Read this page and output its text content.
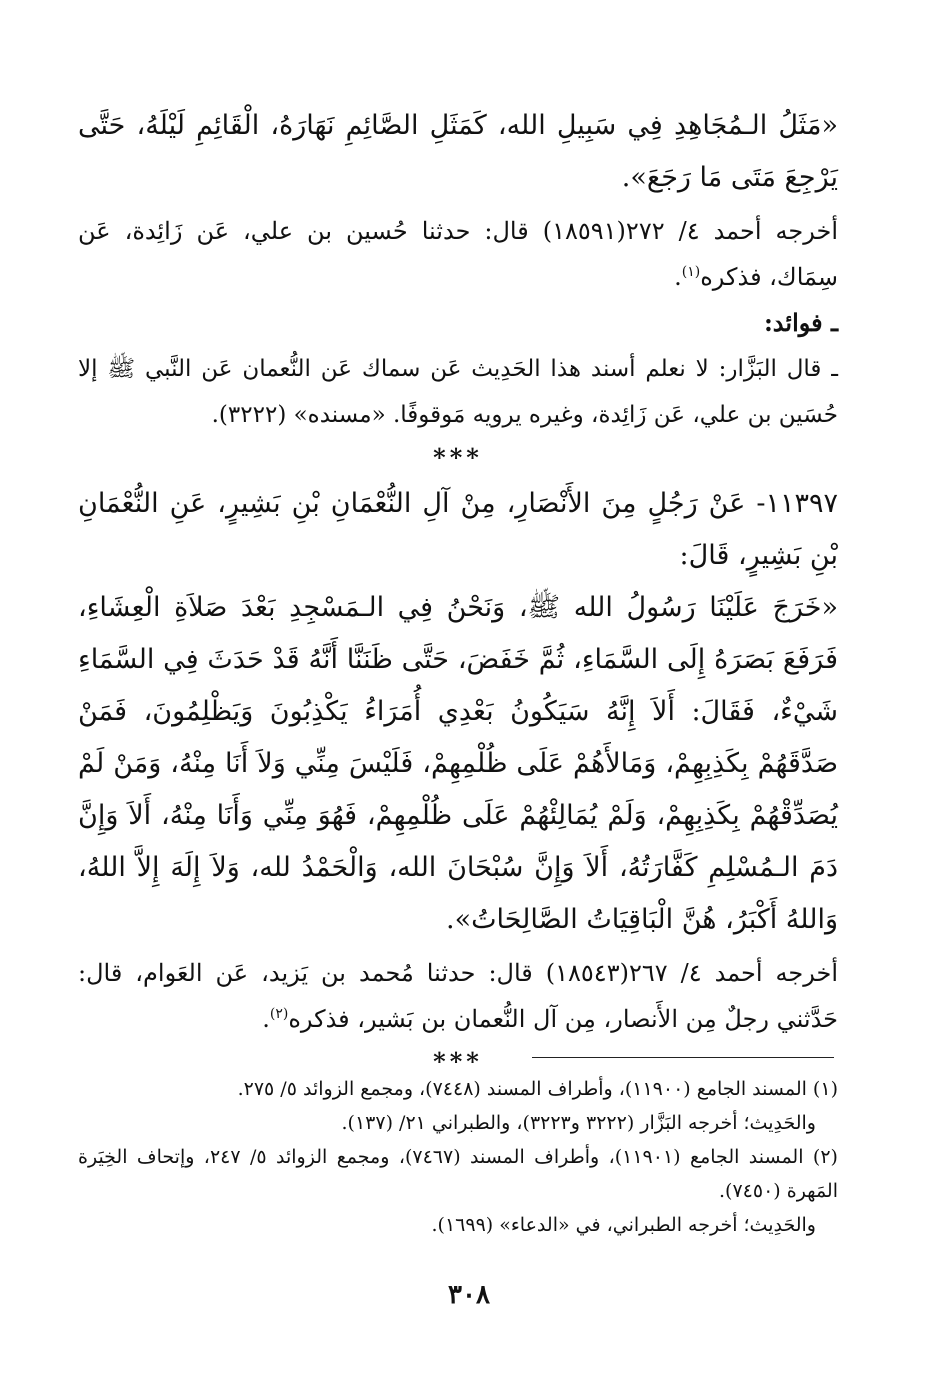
«مَثَلُ الـمُجَاهِدِ فِي سَبِيلِ الله، كَمَثَلِ الصَّائِمِ نَهَارَهُ، الْقَائِمِ لَيْلَهُ، حَتَّى يَرْجِعَ مَتَى مَا رَجَعَ».

أخرجه أحمد ٤/ ٢٧٢(١٨٥٩١) قال: حدثنا حُسين بن علي، عَن زَائِدة، عَن سِمَاك، فذكره$^{(١)}$.

ـ فوائد:

ـ قال البَزَّار: لا نعلم أسند هذا الحَدِيث عَن سماك عَن النُّعمان عَن النَّبي ﷺ إلا حُسَين بن علي، عَن زَائِدة، وغيره يرويه مَوقوفًا. «مسنده» (٣٢٢٢).

***

١١٣٩٧- عَنْ رَجُلٍ مِنَ الأَنْصَارِ، مِنْ آلِ النُّعْمَانِ بْنِ بَشِيرٍ، عَنِ النُّعْمَانِ بْنِ بَشِيرٍ، قَالَ:

«خَرَجَ عَلَيْنَا رَسُولُ الله ﷺ، وَنَحْنُ فِي الـمَسْجِدِ بَعْدَ صَلاَةِ الْعِشَاءِ، فَرَفَعَ بَصَرَهُ إِلَى السَّمَاءِ، ثُمَّ خَفَضَ، حَتَّى ظَنَنَّا أَنَّهُ قَدْ حَدَثَ فِي السَّمَاءِ شَيْءٌ، فَقَالَ: أَلاَ إِنَّهُ سَيَكُونُ بَعْدِي أُمَرَاءُ يَكْذِبُونَ وَيَظْلِمُونَ، فَمَنْ صَدَّقَهُمْ بِكَذِبِهِمْ، وَمَالأَهُمْ عَلَى ظُلْمِهِمْ، فَلَيْسَ مِنِّي وَلاَ أَنَا مِنْهُ، وَمَنْ لَمْ يُصَدِّقْهُمْ بِكَذِبِهِمْ، وَلَمْ يُمَالِئْهُمْ عَلَى ظُلْمِهِمْ، فَهُوَ مِنِّي وَأَنَا مِنْهُ، أَلاَ وَإِنَّ دَمَ الـمُسْلِمِ كَفَّارَتُهُ، أَلاَ وَإِنَّ سُبْحَانَ الله، وَالْحَمْدُ لله، وَلاَ إِلَهَ إِلاَّ اللهُ، وَاللهُ أَكْبَرُ، هُنَّ الْبَاقِيَاتُ الصَّالِحَاتُ».

أخرجه أحمد ٤/ ٢٦٧(١٨٥٤٣) قال: حدثنا مُحمد بن يَزيد، عَن العَوام، قال: حَدَّثني رجلٌ مِن الأَنصار، مِن آل النُّعمان بن بَشير، فذكره$^{(٢)}$.

***

(١) المسند الجامع (١١٩٠٠)، وأطراف المسند (٧٤٤٨)، ومجمع الزوائد ٥/ ٢٧٥.

والحَدِيث؛ أخرجه البَزَّار (٣٢٢٢ و٣٢٢٣)، والطبراني ٢١/ (١٣٧).

(٢) المسند الجامع (١١٩٠١)، وأطراف المسند (٧٤٦٧)، ومجمع الزوائد ٥/ ٢٤٧، وإتحاف الخِيَرة المَهرة (٧٤٥٠).

والحَدِيث؛ أخرجه الطبراني، في «الدعاء» (١٦٩٩).

٣٠٨
